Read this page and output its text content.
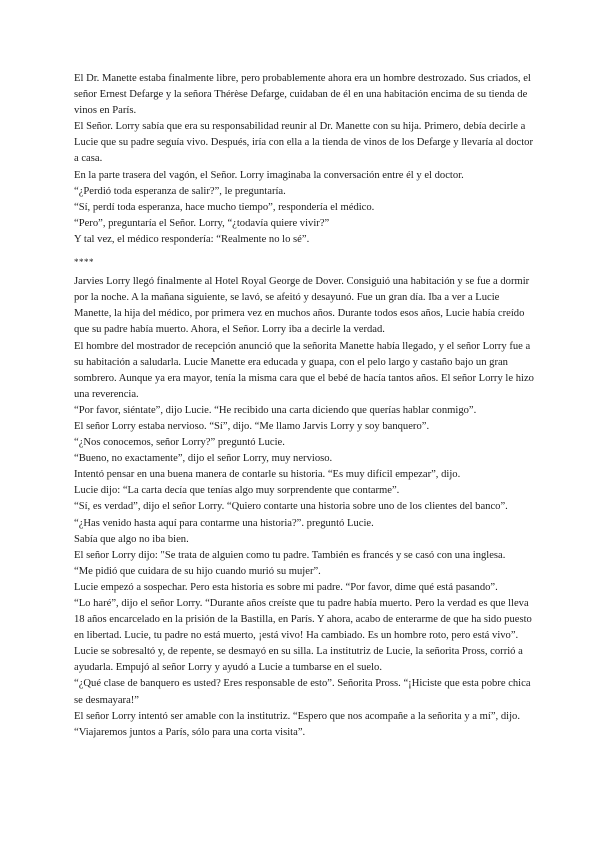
El Dr. Manette estaba finalmente libre, pero probablemente ahora era un hombre destrozado. Sus criados, el señor Ernest Defarge y la señora Thérèse Defarge, cuidaban de él en una habitación encima de su tienda de vinos en París.

El Señor. Lorry sabía que era su responsabilidad reunir al Dr. Manette con su hija. Primero, debía decirle a Lucie que su padre seguía vivo. Después, iría con ella a la tienda de vinos de los Defarge y llevaría al doctor a casa.

En la parte trasera del vagón, el Señor. Lorry imaginaba la conversación entre él y el doctor.

“¿Perdió toda esperanza de salir?”, le preguntaría.

“Sí, perdí toda esperanza, hace mucho tiempo”, respondería el médico.

“Pero”, preguntaría el Señor. Lorry, “¿todavía quiere vivir?”

Y tal vez, el médico respondería: “Realmente no lo sé”.

****

Jarvies Lorry llegó finalmente al Hotel Royal George de Dover. Consiguió una habitación y se fue a dormir por la noche. A la mañana siguiente, se lavó, se afeitó y desayunó. Fue un gran día. Iba a ver a Lucie Manette, la hija del médico, por primera vez en muchos años. Durante todos esos años, Lucie había creído que su padre había muerto. Ahora, el Señor. Lorry iba a decirle la verdad.

El hombre del mostrador de recepción anunció que la señorita Manette había llegado, y el señor Lorry fue a su habitación a saludarla. Lucie Manette era educada y guapa, con el pelo largo y castaño bajo un gran sombrero. Aunque ya era mayor, tenía la misma cara que el bebé de hacía tantos años. El señor Lorry le hizo una reverencia.

“Por favor, siéntate”, dijo Lucie. “He recibido una carta diciendo que querías hablar conmigo”.

El señor Lorry estaba nervioso. “Sí”, dijo. “Me llamo Jarvis Lorry y soy banquero”.

“¿Nos conocemos, señor Lorry?” preguntó Lucie.

“Bueno, no exactamente”, dijo el señor Lorry, muy nervioso.

Intentó pensar en una buena manera de contarle su historia. “Es muy difícil empezar”, dijo.

Lucie dijo: “La carta decía que tenías algo muy sorprendente que contarme”.

“Sí, es verdad”, dijo el señor Lorry. “Quiero contarte una historia sobre uno de los clientes del banco”.

“¿Has venido hasta aquí para contarme una historia?”. preguntó Lucie.

Sabía que algo no iba bien.

El señor Lorry dijo: "Se trata de alguien como tu padre. También es francés y se casó con una inglesa.

“Me pidió que cuidara de su hijo cuando murió su mujer”.

Lucie empezó a sospechar. Pero esta historia es sobre mi padre. “Por favor, dime qué está pasando”.

“Lo haré”, dijo el señor Lorry. “Durante años creíste que tu padre había muerto. Pero la verdad es que lleva 18 años encarcelado en la prisión de la Bastilla, en París. Y ahora, acabo de enterarme de que ha sido puesto en libertad. Lucie, tu padre no está muerto, ¡está vivo! Ha cambiado. Es un hombre roto, pero está vivo”.

Lucie se sobresaltó y, de repente, se desmayó en su silla. La institutriz de Lucie, la señorita Pross, corrió a ayudarla. Empujó al señor Lorry y ayudó a Lucie a tumbarse en el suelo.

“¿Qué clase de banquero es usted? Eres responsable de esto”. Señorita Pross. “¡Hiciste que esta pobre chica se desmayara!”

El señor Lorry intentó ser amable con la institutriz. “Espero que nos acompañe a la señorita y a mí”, dijo. “Viajaremos juntos a París, sólo para una corta visita”.
